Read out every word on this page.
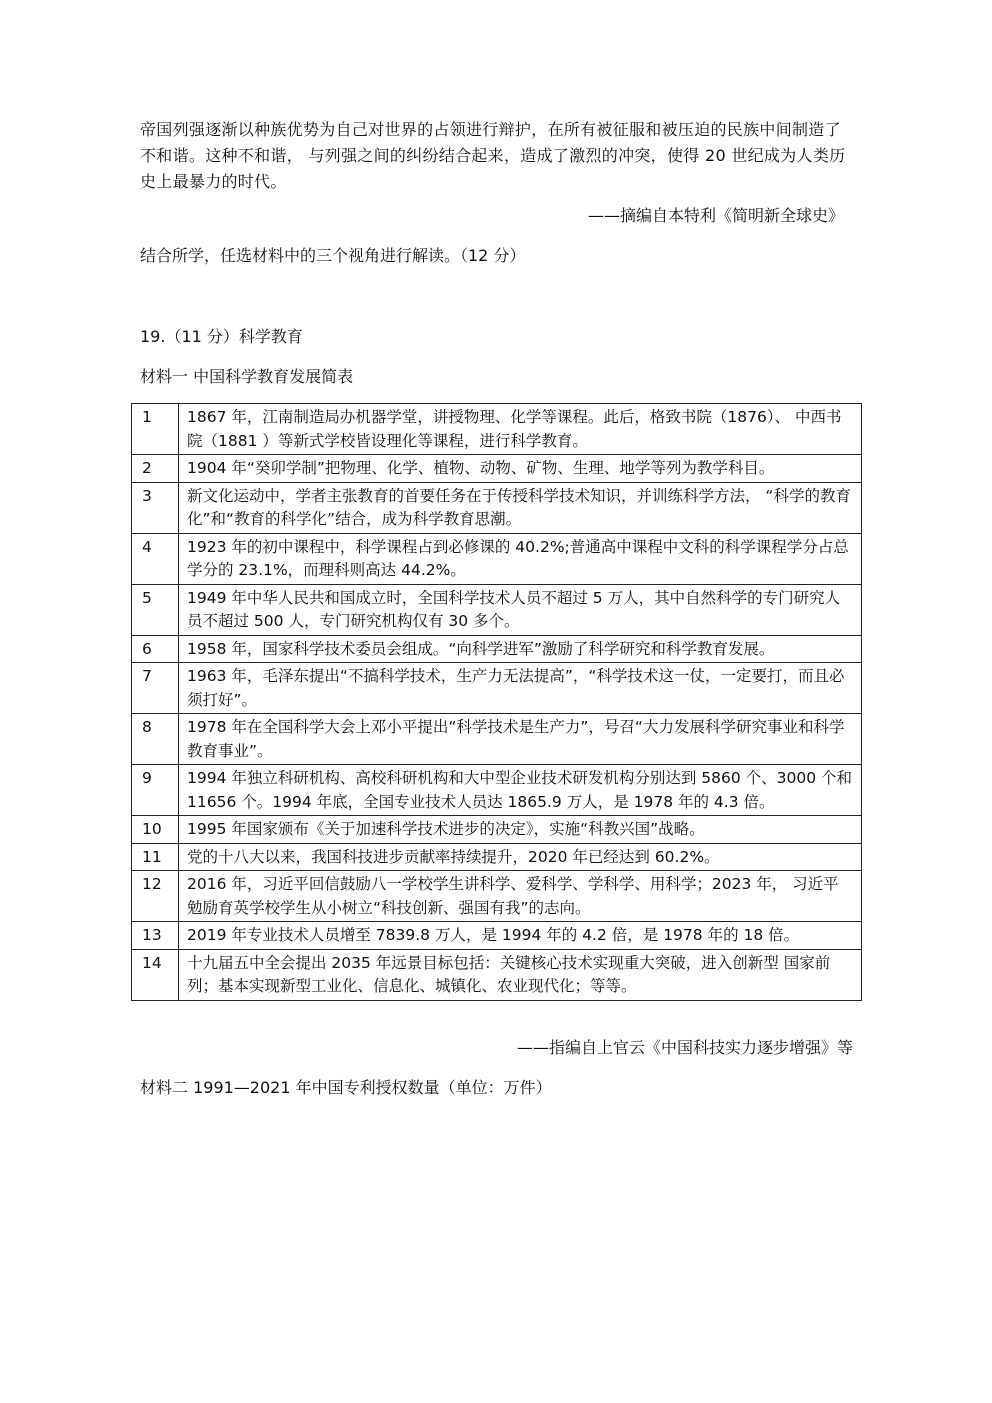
帝国列强逐渐以种族优势为自己对世界的占领进行辩护，在所有被征服和被压迫的民族中间制造了不和谐。这种不和谐， 与列强之间的纠纷结合起来，造成了激烈的冲突，使得 20 世纪成为人类历史上最暴力的时代。
——摘编自本特利《简明新全球史》
结合所学，任选材料中的三个视角进行解读。（12 分）
19.（11 分）科学教育
材料一 中国科学教育发展简表
1	1867 年，江南制造局办机器学堂，讲授物理、化学等课程。此后，格致书院（1876）、 中西书院（1881 ）等新式学校皆设理化等课程，进行科学教育。
2	1904 年“癸卯学制”把物理、化学、植物、动物、矿物、生理、地学等列为教学科目。
3	新文化运动中，学者主张教育的首要任务在于传授科学技术知识，并训练科学方法， “科学的教育化”和“教育的科学化”结合，成为科学教育思潮。
4	1923 年的初中课程中，科学课程占到必修课的 40.2%;普通高中课程中文科的科学课程学分占总学分的 23.1%，而理科则高达 44.2%。
5	1949 年中华人民共和国成立时，全国科学技术人员不超过 5 万人，其中自然科学的专门研究人员不超过 500 人，专门研究机构仅有 30 多个。
6	1958 年，国家科学技术委员会组成。“向科学进军”激励了科学研究和科学教育发展。
7	1963 年，毛泽东提出“不搞科学技术，生产力无法提高”，“科学技术这一仗，一定要打，而且必须打好”。
8	1978 年在全国科学大会上邓小平提出“科学技术是生产力”，号召“大力发展科学研究事业和科学教育事业”。
9	1994 年独立科研机构、高校科研机构和大中型企业技术研发机构分别达到 5860 个、3000 个和 11656 个。1994 年底，全国专业技术人员达 1865.9 万人，是 1978 年的 4.3 倍。
10	1995 年国家颁布《关于加速科学技术进步的决定》，实施“科教兴国”战略。
11	党的十八大以来，我国科技进步贡献率持续提升，2020 年已经达到 60.2%。
12	2016 年，习近平回信鼓励八一学校学生讲科学、爱科学、学科学、用科学；2023 年， 习近平勉励育英学校学生从小树立“科技创新、强国有我”的志向。
13	2019 年专业技术人员增至 7839.8 万人，是 1994 年的 4.2 倍，是 1978 年的 18 倍。
14	十九届五中全会提出 2035 年远景目标包括：关键核心技术实现重大突破，进入创新型 国家前列；基本实现新型工业化、信息化、城镇化、农业现代化；等等。
——指编自上官云《中国科技实力逐步增强》等
材料二 1991—2021 年中国专利授权数量（单位：万件）
